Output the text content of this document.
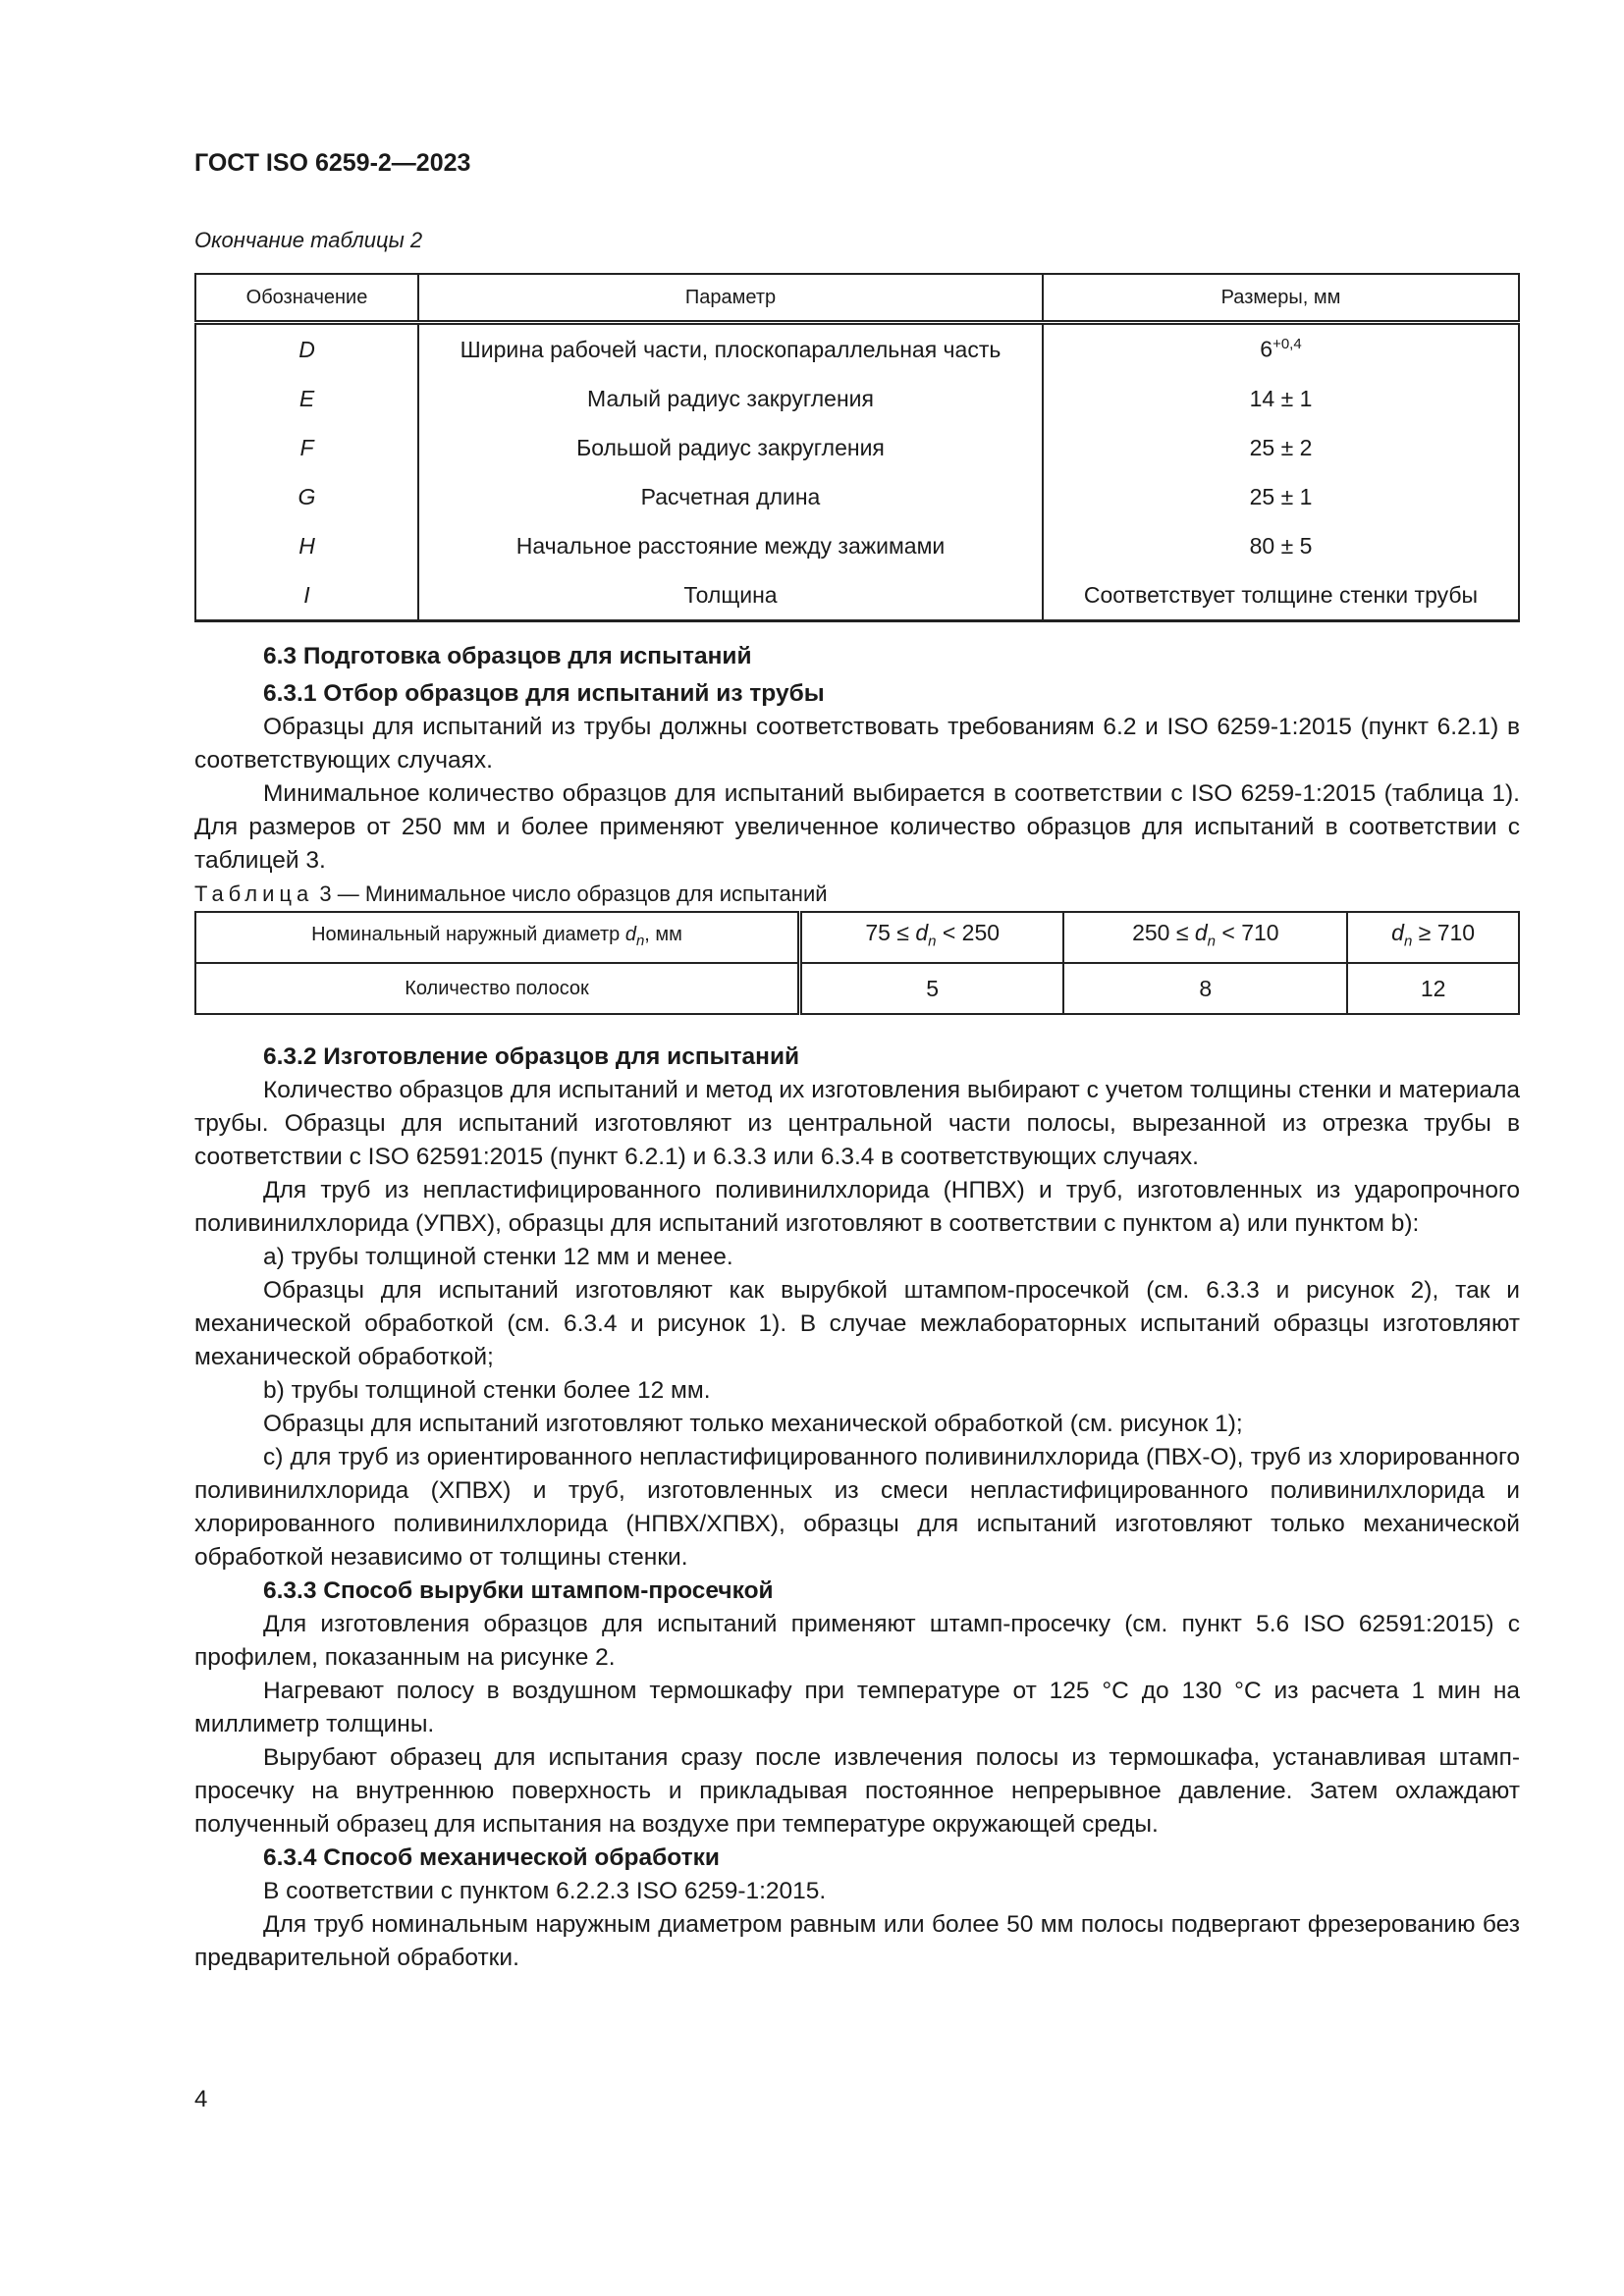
ГОСТ ISO 6259-2—2023
Окончание таблицы 2
Обозначение	Параметр	Размеры, мм
D	Ширина рабочей части, плоскопараллельная часть	$6^{+0,4}$
E	Малый радиус закругления	14 ± 1
F	Большой радиус закругления	25 ± 2
G	Расчетная длина	25 ± 1
H	Начальное расстояние между зажимами	80 ± 5
I	Толщина	Соответствует толщине стенки трубы
6.3 Подготовка образцов для испытаний
6.3.1 Отбор образцов для испытаний из трубы

Образцы для испытаний из трубы должны соответствовать требованиям 6.2 и ISO 6259-1:2015 (пункт 6.2.1) в соответствующих случаях.

Минимальное количество образцов для испытаний выбирается в соответствии с ISO 6259-1:2015 (таблица 1). Для размеров от 250 мм и более применяют увеличенное количество образцов для испытаний в соответствии с таблицей 3.

Таблица 3 — Минимальное число образцов для испытаний

Номинальный наружный диаметр $d_n$, мм	$75 \le d_n < 250$	$250 \le d_n < 710$	$d_n \ge 710$
Количество полосок	5	8	12
6.3.2 Изготовление образцов для испытаний

Количество образцов для испытаний и метод их изготовления выбирают с учетом толщины стенки и материала трубы. Образцы для испытаний изготовляют из центральной части полосы, вырезанной из отрезка трубы в соответствии с ISO 62591:2015 (пункт 6.2.1) и 6.3.3 или 6.3.4 в соответствующих случаях.

Для труб из непластифицированного поливинилхлорида (НПВХ) и труб, изготовленных из ударопрочного поливинилхлорида (УПВХ), образцы для испытаний изготовляют в соответствии с пунктом a) или пунктом b):

a) трубы толщиной стенки 12 мм и менее.

Образцы для испытаний изготовляют как вырубкой штампом-просечкой (см. 6.3.3 и рисунок 2), так и механической обработкой (см. 6.3.4 и рисунок 1). В случае межлабораторных испытаний образцы изготовляют механической обработкой;

b) трубы толщиной стенки более 12 мм.

Образцы для испытаний изготовляют только механической обработкой (см. рисунок 1);

c) для труб из ориентированного непластифицированного поливинилхлорида (ПВХ-О), труб из хлорированного поливинилхлорида (ХПВХ) и труб, изготовленных из смеси непластифицированного поливинилхлорида и хлорированного поливинилхлорида (НПВХ/ХПВХ), образцы для испытаний изготовляют только механической обработкой независимо от толщины стенки.

6.3.3 Способ вырубки штампом-просечкой

Для изготовления образцов для испытаний применяют штамп-просечку (см. пункт 5.6 ISO 62591:2015) с профилем, показанным на рисунке 2.

Нагревают полосу в воздушном термошкафу при температуре от 125 °C до 130 °C из расчета 1 мин на миллиметр толщины.

Вырубают образец для испытания сразу после извлечения полосы из термошкафа, устанавливая штамп-просечку на внутреннюю поверхность и прикладывая постоянное непрерывное давление. Затем охлаждают полученный образец для испытания на воздухе при температуре окружающей среды.

6.3.4 Способ механической обработки

В соответствии с пунктом 6.2.2.3 ISO 6259-1:2015.

Для труб номинальным наружным диаметром равным или более 50 мм полосы подвергают фрезерованию без предварительной обработки.

4
